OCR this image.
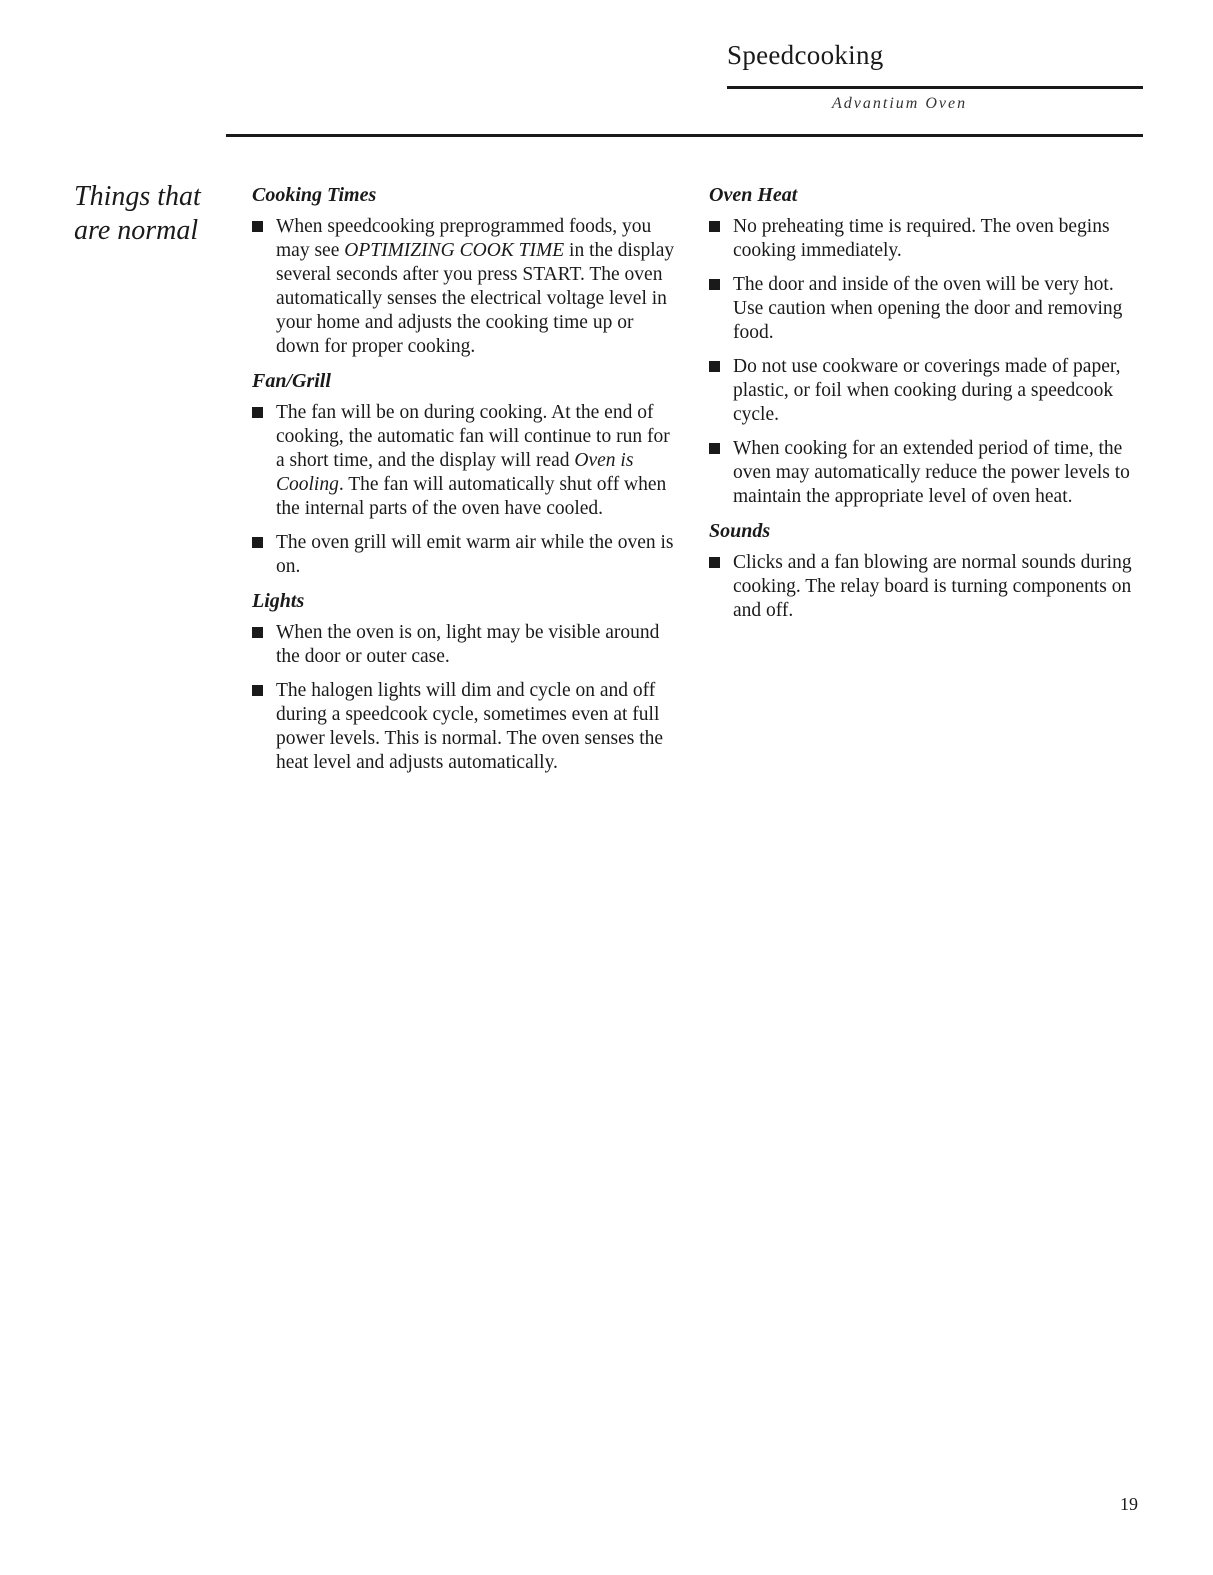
Speedcooking
Advantium Oven
Things that
are normal
Cooking Times
When speedcooking preprogrammed foods, you may see OPTIMIZING COOK TIME in the display several seconds after you press START. The oven automatically senses the electrical voltage level in your home and adjusts the cooking time up or down for proper cooking.
Fan/Grill
The fan will be on during cooking. At the end of cooking, the automatic fan will continue to run for a short time, and the display will read Oven is Cooling. The fan will automatically shut off when the internal parts of the oven have cooled.
The oven grill will emit warm air while the oven is on.
Lights
When the oven is on, light may be visible around the door or outer case.
The halogen lights will dim and cycle on and off during a speedcook cycle, sometimes even at full power levels. This is normal. The oven senses the heat level and adjusts automatically.
Oven Heat
No preheating time is required. The oven begins cooking immediately.
The door and inside of the oven will be very hot. Use caution when opening the door and removing food.
Do not use cookware or coverings made of paper, plastic, or foil when cooking during a speedcook cycle.
When cooking for an extended period of time, the oven may automatically reduce the power levels to maintain the appropriate level of oven heat.
Sounds
Clicks and a fan blowing are normal sounds during cooking. The relay board is turning components on and off.
19
